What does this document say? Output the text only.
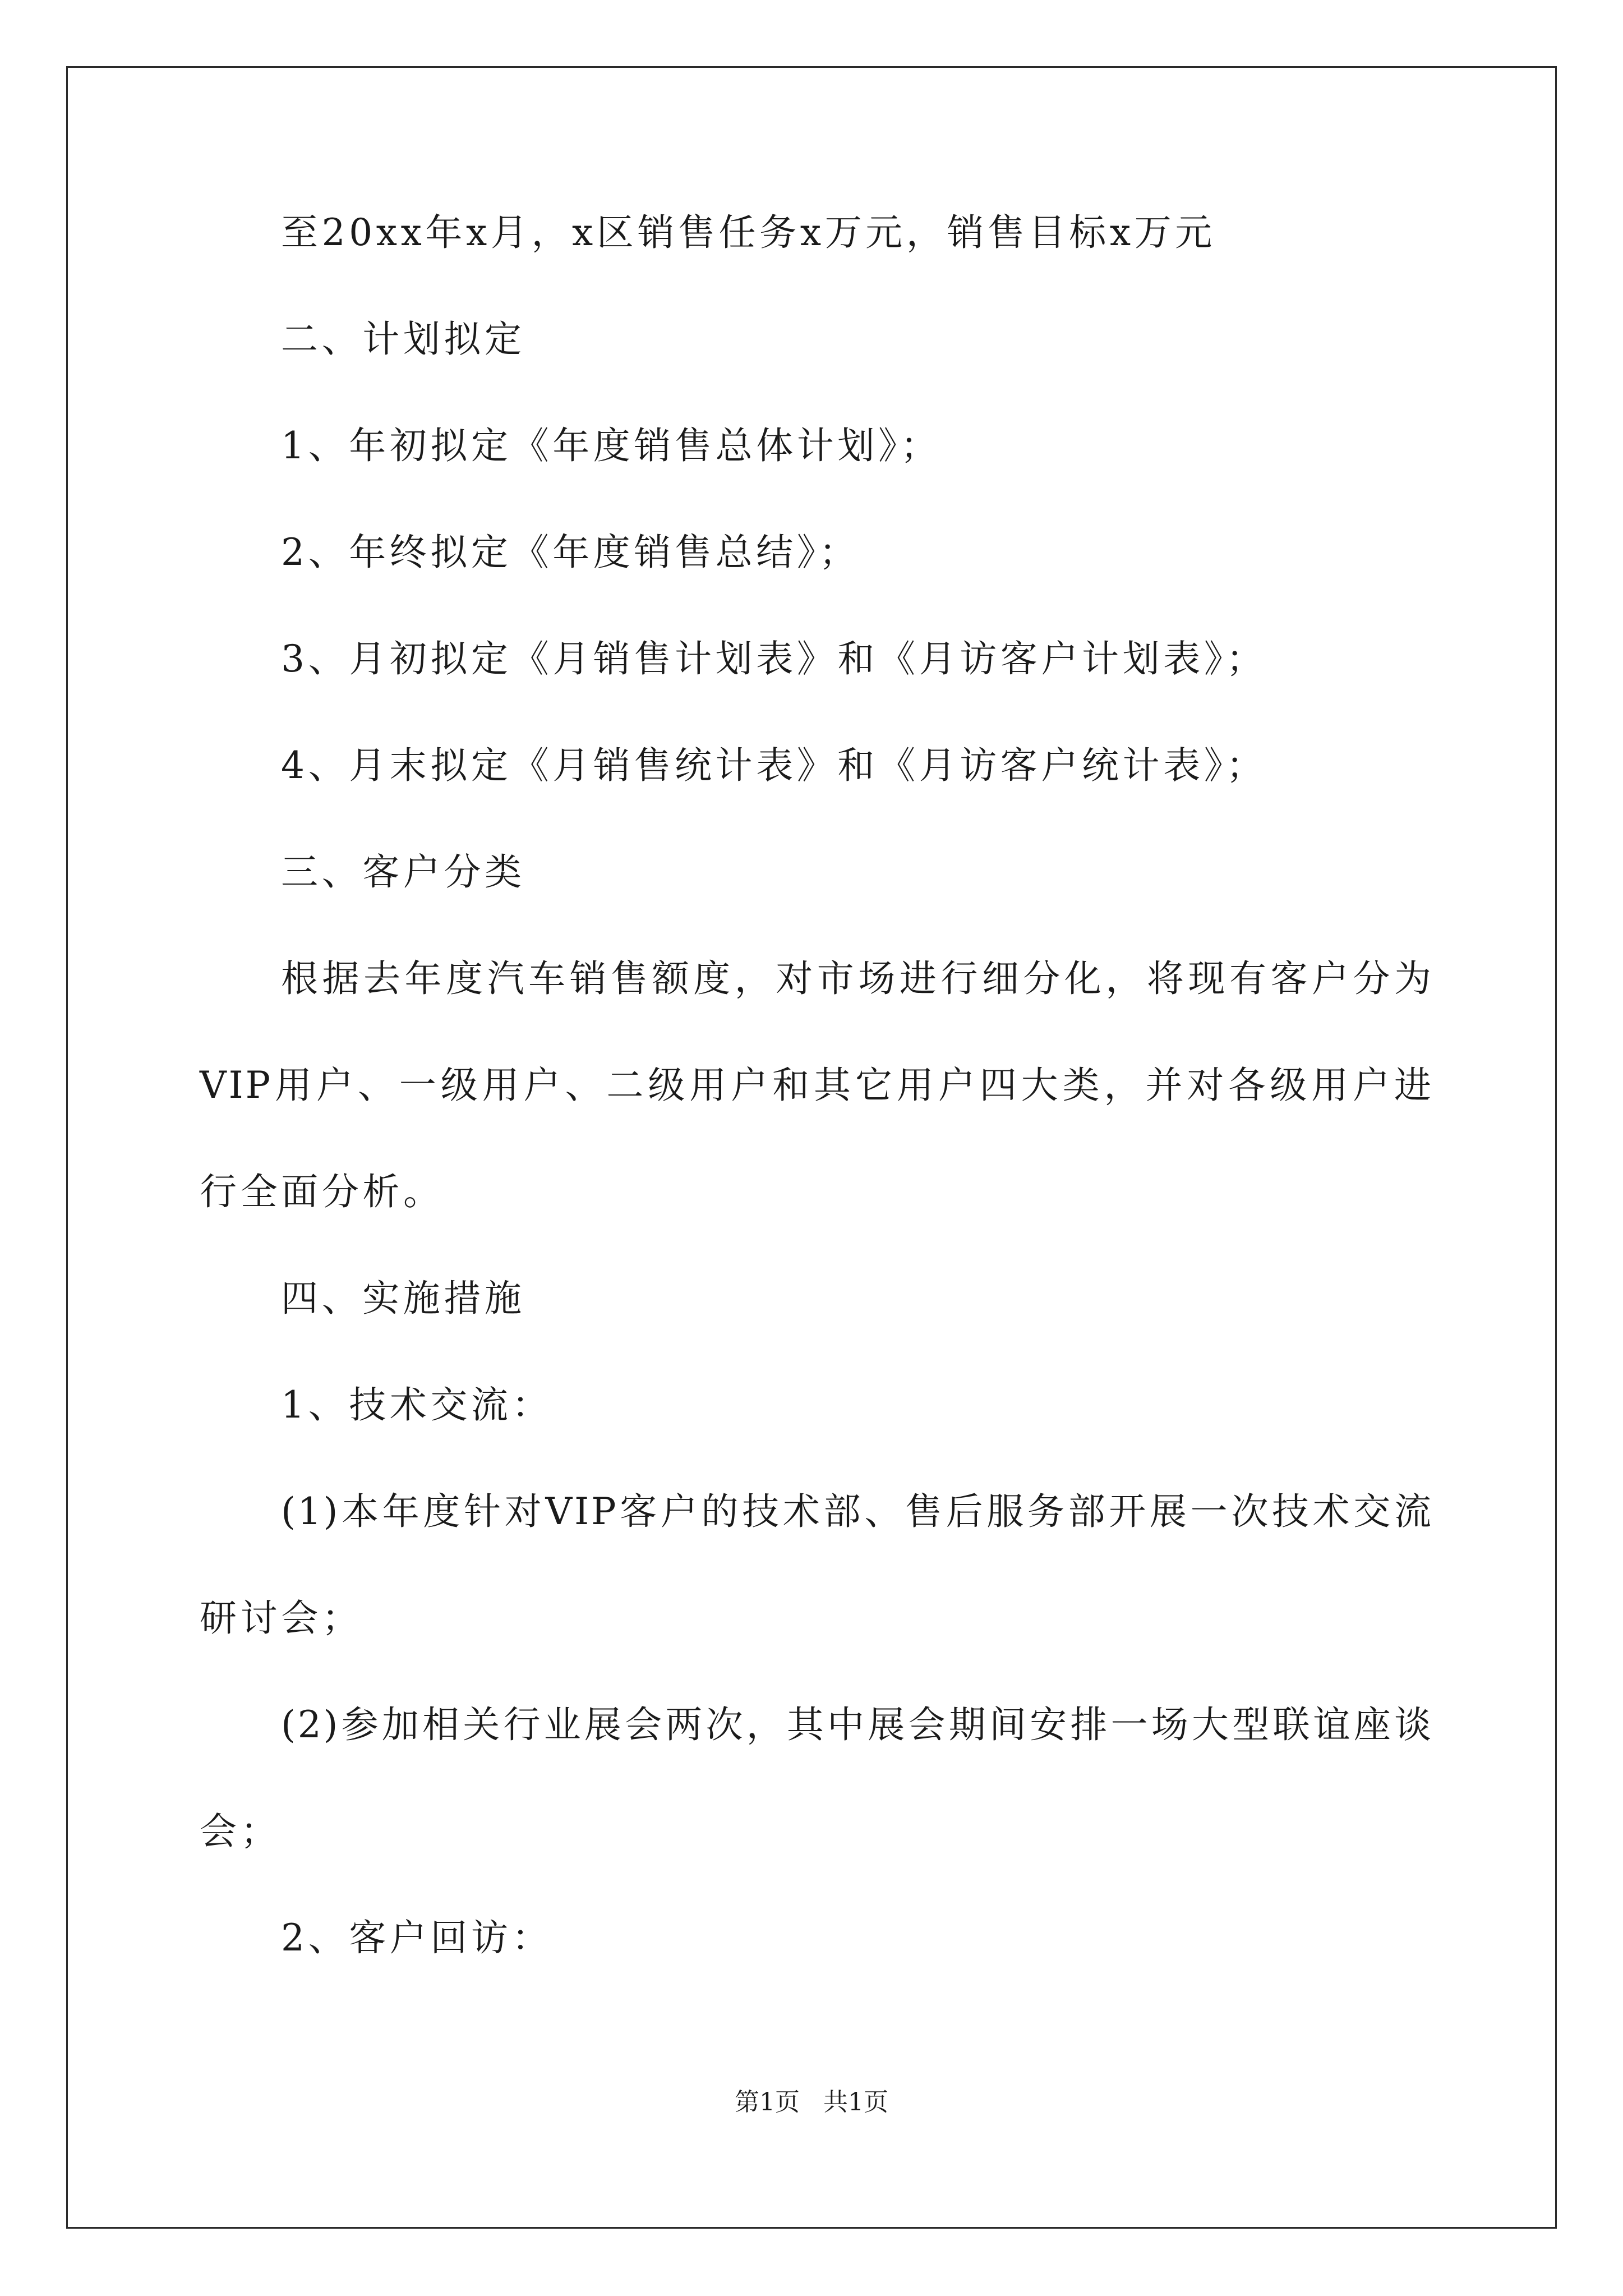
至20xx年x月，x区销售任务x万元，销售目标x万元

二、计划拟定

1、年初拟定《年度销售总体计划》；

2、年终拟定《年度销售总结》；

3、月初拟定《月销售计划表》和《月访客户计划表》；

4、月末拟定《月销售统计表》和《月访客户统计表》；

三、客户分类

根据去年度汽车销售额度，对市场进行细分化，将现有客户分为

VIP用户、一级用户、二级用户和其它用户四大类，并对各级用户进

行全面分析。

四、实施措施

1、技术交流：

(1)本年度针对VIP客户的技术部、售后服务部开展一次技术交流

研讨会；

(2)参加相关行业展会两次，其中展会期间安排一场大型联谊座谈

会；

2、客户回访：

第1页 共1页
